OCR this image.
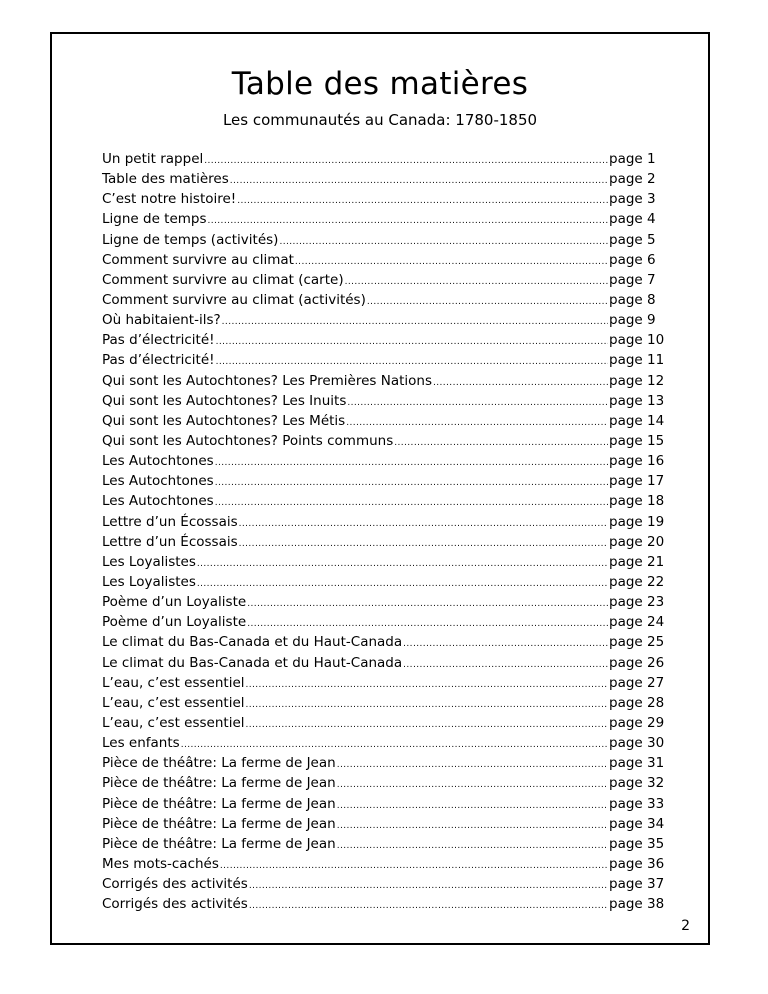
Table des matières
Les communautés au Canada: 1780-1850
Un petit rappel .....	page 1
Table des matières .....	page 2
C’est notre histoire! .....	page 3
Ligne de temps .....	page 4
Ligne de temps (activités) .....	page 5
Comment survivre au climat .....	page 6
Comment survivre au climat (carte) .....	page 7
Comment survivre au climat (activités) .....	page 8
Où habitaient-ils? .....	page 9
Pas d’électricité! .....	page 10
Pas d’électricité! .....	page 11
Qui sont les Autochtones? Les Premières Nations .....	page 12
Qui sont les Autochtones? Les Inuits .....	page 13
Qui sont les Autochtones? Les Métis .....	page 14
Qui sont les Autochtones? Points communs .....	page 15
Les Autochtones .....	page 16
Les Autochtones .....	page 17
Les Autochtones .....	page 18
Lettre d’un Écossais .....	page 19
Lettre d’un Écossais .....	page 20
Les Loyalistes .....	page 21
Les Loyalistes .....	page 22
Poème d’un Loyaliste .....	page 23
Poème d’un Loyaliste .....	page 24
Le climat du Bas-Canada et du Haut-Canada .....	page 25
Le climat du Bas-Canada et du Haut-Canada .....	page 26
L’eau, c’est essentiel .....	page 27
L’eau, c’est essentiel .....	page 28
L’eau, c’est essentiel .....	page 29
Les enfants .....	page 30
Pièce de théâtre: La ferme de Jean .....	page 31
Pièce de théâtre: La ferme de Jean .....	page 32
Pièce de théâtre: La ferme de Jean .....	page 33
Pièce de théâtre: La ferme de Jean .....	page 34
Pièce de théâtre: La ferme de Jean .....	page 35
Mes mots-cachés .....	page 36
Corrigés des activités .....	page 37
Corrigés des activités .....	page 38
2
